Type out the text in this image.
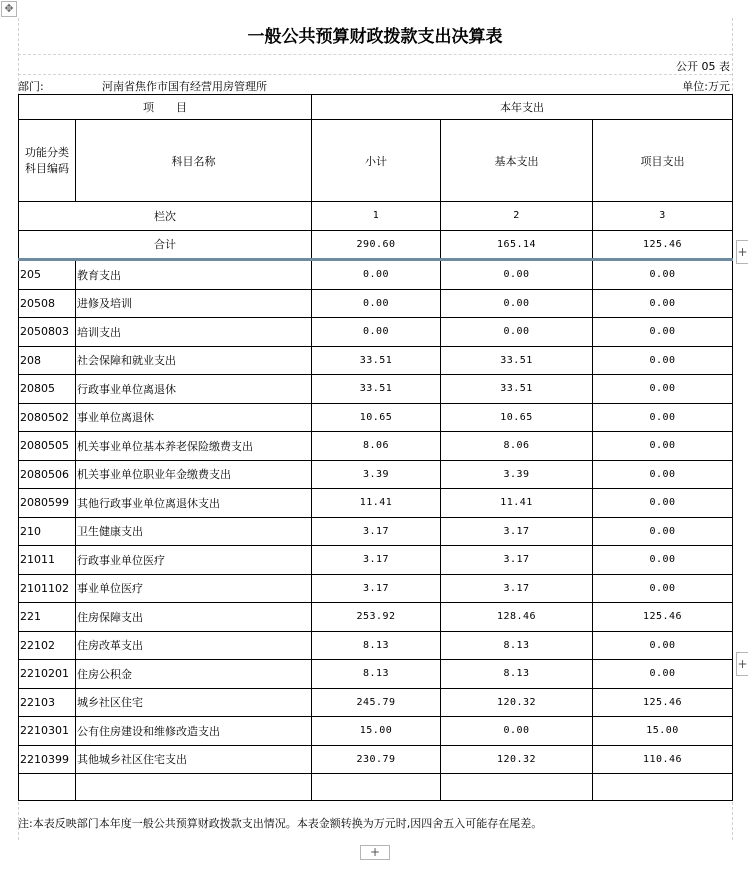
✥
一般公共预算财政拨款支出决算表
公开 05 表
部门:	河南省焦作市国有经营用房管理所	单位:万元
项　　目		本年支出		
功能分类
科目编码	科目名称	小计	基本支出	项目支出
栏次		1	2	3
合计		290.60	165.14	125.46
205	教育支出	0.00	0.00	0.00
20508	进修及培训	0.00	0.00	0.00
2050803	培训支出	0.00	0.00	0.00
208	社会保障和就业支出	33.51	33.51	0.00
20805	行政事业单位离退休	33.51	33.51	0.00
2080502	事业单位离退休	10.65	10.65	0.00
2080505	机关事业单位基本养老保险缴费支出	8.06	8.06	0.00
2080506	机关事业单位职业年金缴费支出	3.39	3.39	0.00
2080599	其他行政事业单位离退休支出	11.41	11.41	0.00
210	卫生健康支出	3.17	3.17	0.00
21011	行政事业单位医疗	3.17	3.17	0.00
2101102	事业单位医疗	3.17	3.17	0.00
221	住房保障支出	253.92	128.46	125.46
22102	住房改革支出	8.13	8.13	0.00
2210201	住房公积金	8.13	8.13	0.00
22103	城乡社区住宅	245.79	120.32	125.46
2210301	公有住房建设和维修改造支出	15.00	0.00	15.00
2210399	其他城乡社区住宅支出	230.79	120.32	110.46

注:本表反映部门本年度一般公共预算财政拨款支出情况。本表金额转换为万元时,因四舍五入可能存在尾差。
+
+
+
